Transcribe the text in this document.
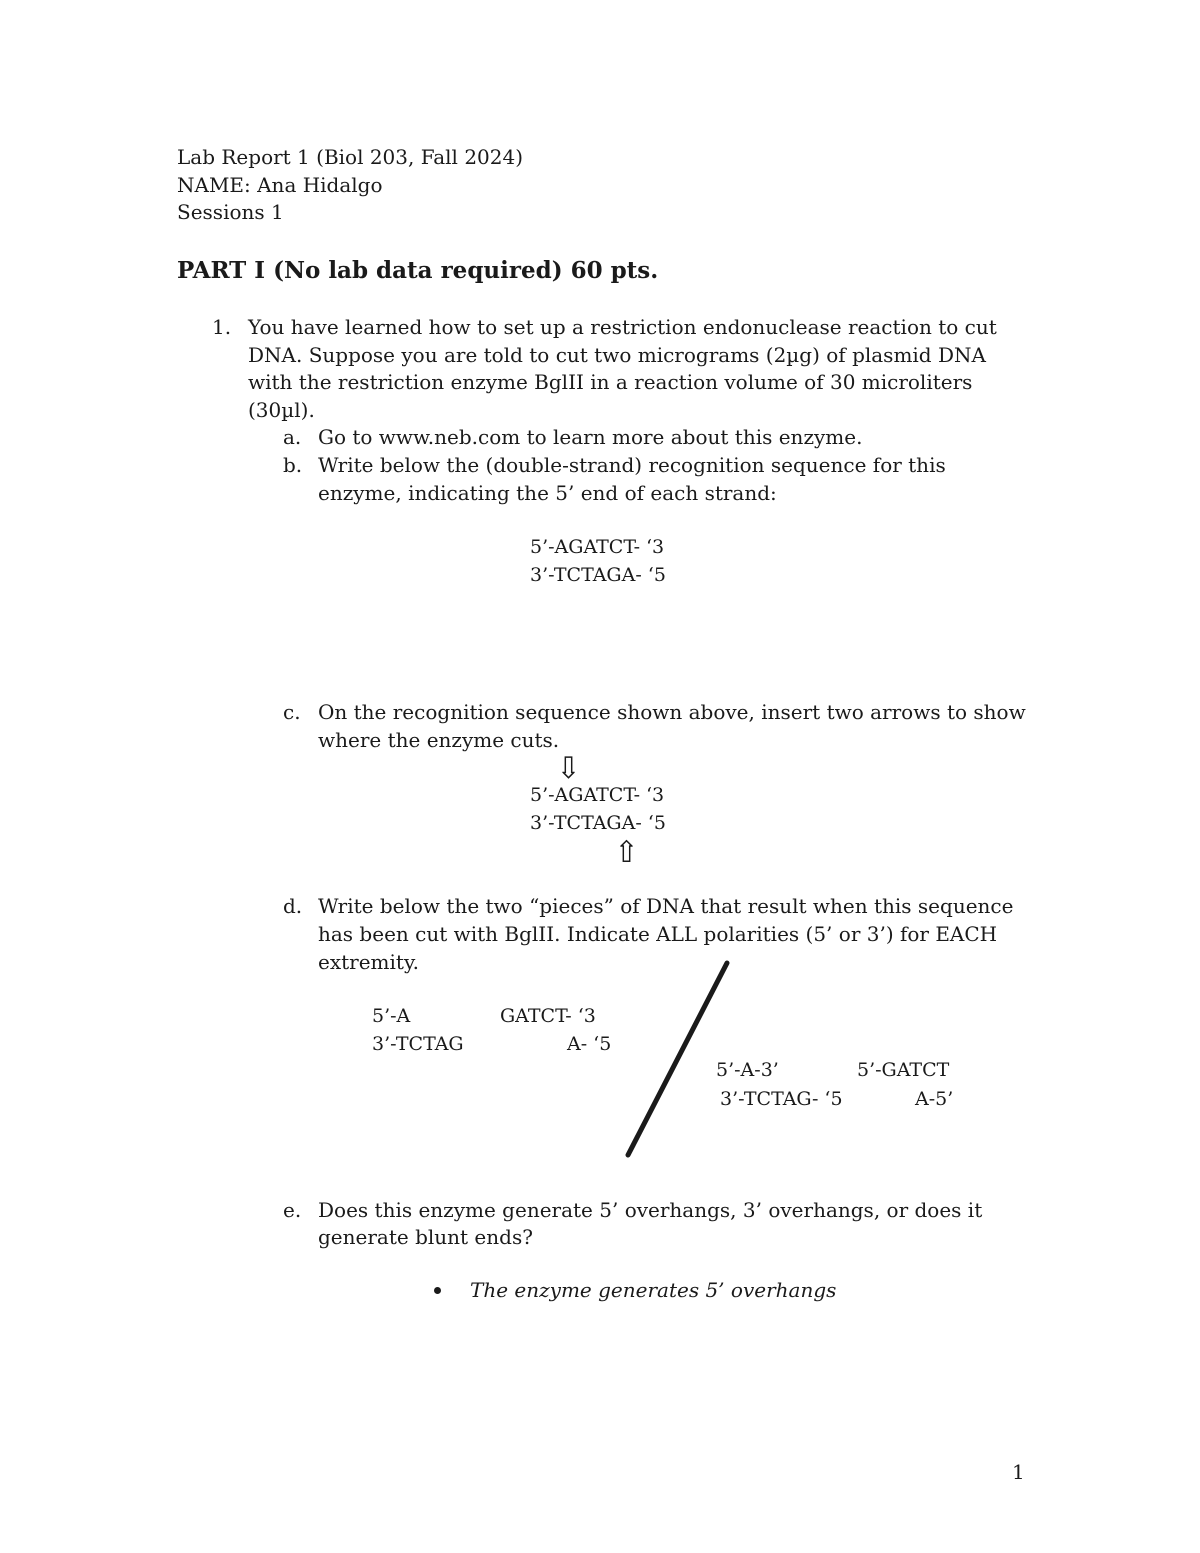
Lab Report 1 (Biol 203, Fall 2024)
NAME: Ana Hidalgo
Sessions 1
PART I (No lab data required) 60 pts.
1. You have learned how to set up a restriction endonuclease reaction to cut
DNA. Suppose you are told to cut two micrograms (2µg) of plasmid DNA
with the restriction enzyme BglII in a reaction volume of 30 microliters
(30µl).
a. Go to www.neb.com to learn more about this enzyme.
b. Write below the (double-strand) recognition sequence for this
enzyme, indicating the 5’ end of each strand:
5’-AGATCT- ‘3
3’-TCTAGA- ‘5
c. On the recognition sequence shown above, insert two arrows to show
where the enzyme cuts.
⇩
5’-AGATCT- ‘3
3’-TCTAGA- ‘5
⇧
d. Write below the two “pieces” of DNA that result when this sequence
has been cut with BglII. Indicate ALL polarities (5’ or 3’) for EACH
extremity.
5’-A	GATCT- ‘3
3’-TCTAG	A- ‘5
5’-A-3’	5’-GATCT
3’-TCTAG- ‘5	A-5’
e. Does this enzyme generate 5’ overhangs, 3’ overhangs, or does it
generate blunt ends?
The enzyme generates 5’ overhangs
1
